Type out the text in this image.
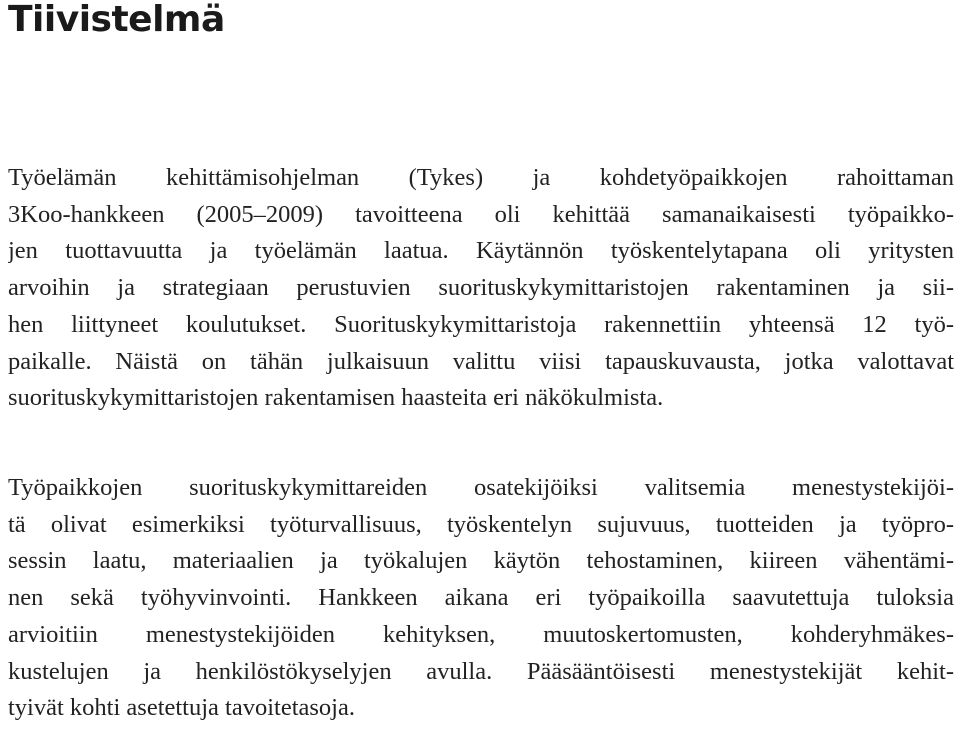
Tiivistelmä

Työelämän kehittämisohjelman (Tykes) ja kohdetyöpaikkojen rahoittaman
3Koo-hankkeen (2005–2009) tavoitteena oli kehittää samanaikaisesti työpaikko-
jen tuottavuutta ja työelämän laatua. Käytännön työskentelytapana oli yritysten
arvoihin ja strategiaan perustuvien suorituskykymittaristojen rakentaminen ja sii-
hen liittyneet koulutukset. Suorituskykymittaristoja rakennettiin yhteensä 12 työ-
paikalle. Näistä on tähän julkaisuun valittu viisi tapauskuvausta, jotka valottavat
suorituskykymittaristojen rakentamisen haasteita eri näkökulmista.

Työpaikkojen suorituskykymittareiden osatekijöiksi valitsemia menestystekijöi-
tä olivat esimerkiksi työturvallisuus, työskentelyn sujuvuus, tuotteiden ja työpro-
sessin laatu, materiaalien ja työkalujen käytön tehostaminen, kiireen vähentämi-
nen sekä työhyvinvointi. Hankkeen aikana eri työpaikoilla saavutettuja tuloksia
arvioitiin menestystekijöiden kehityksen, muutoskertomusten, kohderyhmäkes-
kustelujen ja henkilöstökyselyjen avulla. Pääsääntöisesti menestystekijät kehit-
tyivät kohti asetettuja tavoitetasoja.
